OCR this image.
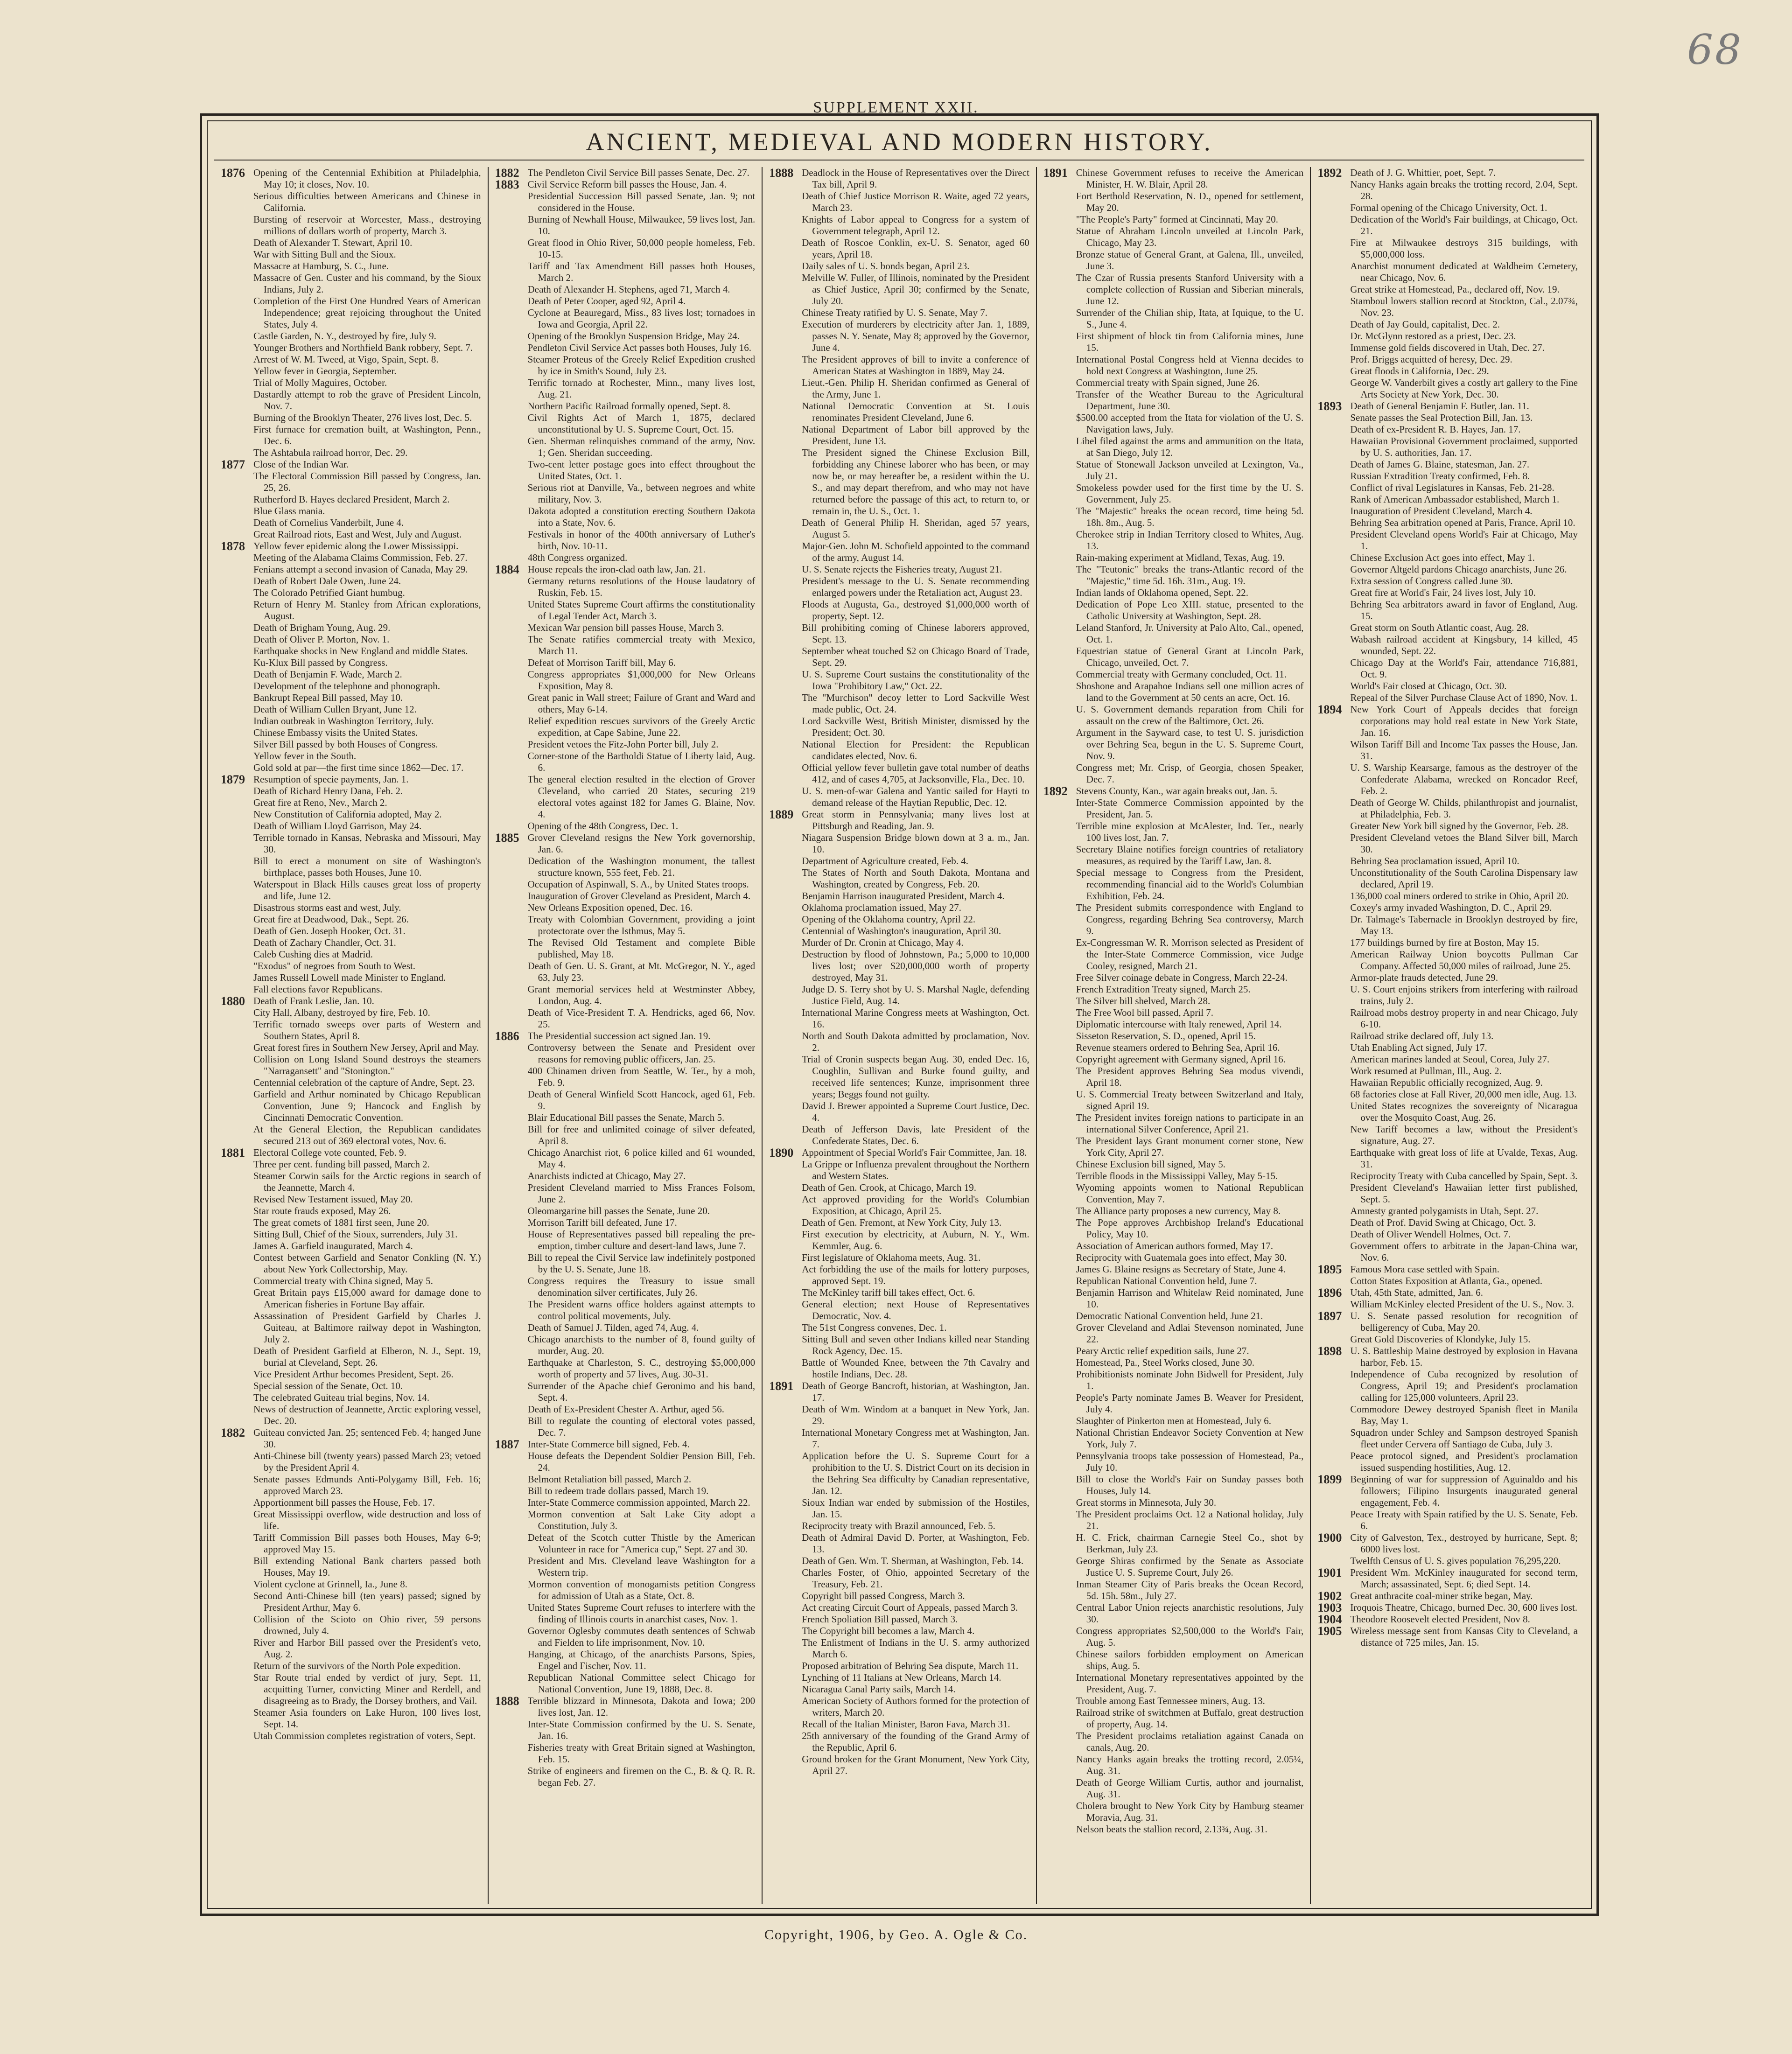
68
SUPPLEMENT XXII.
ANCIENT, MEDIEVAL AND MODERN HISTORY.
1876 Opening of the Centennial Exhibition at Philadelphia, May 10; it closes, Nov. 10.

Serious difficulties between Americans and Chinese in California.

Bursting of reservoir at Worcester, Mass., destroying millions of dollars worth of property, March 3.

Death of Alexander T. Stewart, April 10.

War with Sitting Bull and the Sioux.

Massacre at Hamburg, S. C., June.

Massacre of Gen. Custer and his command, by the Sioux Indians, July 2.

Completion of the First One Hundred Years of American Independence; great rejoicing throughout the United States, July 4.

Castle Garden, N. Y., destroyed by fire, July 9.

Younger Brothers and Northfield Bank robbery, Sept. 7.

Arrest of W. M. Tweed, at Vigo, Spain, Sept. 8.

Yellow fever in Georgia, September.

Trial of Molly Maguires, October.

Dastardly attempt to rob the grave of President Lincoln, Nov. 7.

Burning of the Brooklyn Theater, 276 lives lost, Dec. 5.

First furnace for cremation built, at Washington, Penn., Dec. 6.

The Ashtabula railroad horror, Dec. 29.

1877 Close of the Indian War.

The Electoral Commission Bill passed by Congress, Jan. 25, 26.

Rutherford B. Hayes declared President, March 2.

Blue Glass mania.

Death of Cornelius Vanderbilt, June 4.

Great Railroad riots, East and West, July and August.

1878 Yellow fever epidemic along the Lower Mississippi.

Meeting of the Alabama Claims Commission, Feb. 27.

Fenians attempt a second invasion of Canada, May 29.

Death of Robert Dale Owen, June 24.

The Colorado Petrified Giant humbug.

Return of Henry M. Stanley from African explorations, August.

Death of Brigham Young, Aug. 29.

Death of Oliver P. Morton, Nov. 1.

Earthquake shocks in New England and middle States.

Ku-Klux Bill passed by Congress.

Death of Benjamin F. Wade, March 2.

Development of the telephone and phonograph.

Bankrupt Repeal Bill passed, May 10.

Death of William Cullen Bryant, June 12.

Indian outbreak in Washington Territory, July.

Chinese Embassy visits the United States.

Silver Bill passed by both Houses of Congress.

Yellow fever in the South.

Gold sold at par—the first time since 1862—Dec. 17.

1879 Resumption of specie payments, Jan. 1.

Death of Richard Henry Dana, Feb. 2.

Great fire at Reno, Nev., March 2.

New Constitution of California adopted, May 2.

Death of William Lloyd Garrison, May 24.

Terrible tornado in Kansas, Nebraska and Missouri, May 30.

Bill to erect a monument on site of Washington's birthplace, passes both Houses, June 10.

Waterspout in Black Hills causes great loss of property and life, June 12.

Disastrous storms east and west, July.

Great fire at Deadwood, Dak., Sept. 26.

Death of Gen. Joseph Hooker, Oct. 31.

Death of Zachary Chandler, Oct. 31.

Caleb Cushing dies at Madrid.

"Exodus" of negroes from South to West.

James Russell Lowell made Minister to England.

Fall elections favor Republicans.

1880 Death of Frank Leslie, Jan. 10.

City Hall, Albany, destroyed by fire, Feb. 10.

Terrific tornado sweeps over parts of Western and Southern States, April 8.

Great forest fires in Southern New Jersey, April and May.

Collision on Long Island Sound destroys the steamers "Narragansett" and "Stonington."

Centennial celebration of the capture of Andre, Sept. 23.

Garfield and Arthur nominated by Chicago Republican Convention, June 9; Hancock and English by Cincinnati Democratic Convention.

At the General Election, the Republican candidates secured 213 out of 369 electoral votes, Nov. 6.

1881 Electoral College vote counted, Feb. 9.

Three per cent. funding bill passed, March 2.

Steamer Corwin sails for the Arctic regions in search of the Jeannette, March 4.

Revised New Testament issued, May 20.

Star route frauds exposed, May 26.

The great comets of 1881 first seen, June 20.

Sitting Bull, Chief of the Sioux, surrenders, July 31.

James A. Garfield inaugurated, March 4.

Contest between Garfield and Senator Conkling (N. Y.) about New York Collectorship, May.

Commercial treaty with China signed, May 5.

Great Britain pays £15,000 award for damage done to American fisheries in Fortune Bay affair.

Assassination of President Garfield by Charles J. Guiteau, at Baltimore railway depot in Washington, July 2.

Death of President Garfield at Elberon, N. J., Sept. 19, burial at Cleveland, Sept. 26.

Vice President Arthur becomes President, Sept. 26.

Special session of the Senate, Oct. 10.

The celebrated Guiteau trial begins, Nov. 14.

News of destruction of Jeannette, Arctic exploring vessel, Dec. 20.

1882 Guiteau convicted Jan. 25; sentenced Feb. 4; hanged June 30.

Anti-Chinese bill (twenty years) passed March 23; vetoed by the President April 4.

Senate passes Edmunds Anti-Polygamy Bill, Feb. 16; approved March 23.

Apportionment bill passes the House, Feb. 17.

Great Mississippi overflow, wide destruction and loss of life.

Tariff Commission Bill passes both Houses, May 6-9; approved May 15.

Bill extending National Bank charters passed both Houses, May 19.

Violent cyclone at Grinnell, Ia., June 8.

Second Anti-Chinese bill (ten years) passed; signed by President Arthur, May 6.

Collision of the Scioto on Ohio river, 59 persons drowned, July 4.

River and Harbor Bill passed over the President's veto, Aug. 2.

Return of the survivors of the North Pole expedition.

Star Route trial ended by verdict of jury, Sept. 11, acquitting Turner, convicting Miner and Rerdell, and disagreeing as to Brady, the Dorsey brothers, and Vail.

Steamer Asia founders on Lake Huron, 100 lives lost, Sept. 14.

Utah Commission completes registration of voters, Sept.

1882 The Pendleton Civil Service Bill passes Senate, Dec. 27.

1883 Civil Service Reform bill passes the House, Jan. 4.

Presidential Succession Bill passed Senate, Jan. 9; not considered in the House.

Burning of Newhall House, Milwaukee, 59 lives lost, Jan. 10.

Great flood in Ohio River, 50,000 people homeless, Feb. 10-15.

Tariff and Tax Amendment Bill passes both Houses, March 2.

Death of Alexander H. Stephens, aged 71, March 4.

Death of Peter Cooper, aged 92, April 4.

Cyclone at Beauregard, Miss., 83 lives lost; tornadoes in Iowa and Georgia, April 22.

Opening of the Brooklyn Suspension Bridge, May 24.

Pendleton Civil Service Act passes both Houses, July 16.

Steamer Proteus of the Greely Relief Expedition crushed by ice in Smith's Sound, July 23.

Terrific tornado at Rochester, Minn., many lives lost, Aug. 21.

Northern Pacific Railroad formally opened, Sept. 8.

Civil Rights Act of March 1, 1875, declared unconstitutional by U. S. Supreme Court, Oct. 15.

Gen. Sherman relinquishes command of the army, Nov. 1; Gen. Sheridan succeeding.

Two-cent letter postage goes into effect throughout the United States, Oct. 1.

Serious riot at Danville, Va., between negroes and white military, Nov. 3.

Dakota adopted a constitution erecting Southern Dakota into a State, Nov. 6.

Festivals in honor of the 400th anniversary of Luther's birth, Nov. 10-11.

48th Congress organized.

1884 House repeals the iron-clad oath law, Jan. 21.

Germany returns resolutions of the House laudatory of Ruskin, Feb. 15.

United States Supreme Court affirms the constitutionality of Legal Tender Act, March 3.

Mexican War pension bill passes House, March 3.

The Senate ratifies commercial treaty with Mexico, March 11.

Defeat of Morrison Tariff bill, May 6.

Congress appropriates $1,000,000 for New Orleans Exposition, May 8.

Great panic in Wall street; Failure of Grant and Ward and others, May 6-14.

Relief expedition rescues survivors of the Greely Arctic expedition, at Cape Sabine, June 22.

President vetoes the Fitz-John Porter bill, July 2.

Corner-stone of the Bartholdi Statue of Liberty laid, Aug. 6.

The general election resulted in the election of Grover Cleveland, who carried 20 States, securing 219 electoral votes against 182 for James G. Blaine, Nov. 4.

Opening of the 48th Congress, Dec. 1.

1885 Grover Cleveland resigns the New York governorship, Jan. 6.

Dedication of the Washington monument, the tallest structure known, 555 feet, Feb. 21.

Occupation of Aspinwall, S. A., by United States troops.

Inauguration of Grover Cleveland as President, March 4.

New Orleans Exposition opened, Dec. 16.

Treaty with Colombian Government, providing a joint protectorate over the Isthmus, May 5.

The Revised Old Testament and complete Bible published, May 18.

Death of Gen. U. S. Grant, at Mt. McGregor, N. Y., aged 63, July 23.

Grant memorial services held at Westminster Abbey, London, Aug. 4.

Death of Vice-President T. A. Hendricks, aged 66, Nov. 25.

1886 The Presidential succession act signed Jan. 19.

Controversy between the Senate and President over reasons for removing public officers, Jan. 25.

400 Chinamen driven from Seattle, W. Ter., by a mob, Feb. 9.

Death of General Winfield Scott Hancock, aged 61, Feb. 9.

Blair Educational Bill passes the Senate, March 5.

Bill for free and unlimited coinage of silver defeated, April 8.

Chicago Anarchist riot, 6 police killed and 61 wounded, May 4.

Anarchists indicted at Chicago, May 27.

President Cleveland married to Miss Frances Folsom, June 2.

Oleomargarine bill passes the Senate, June 20.

Morrison Tariff bill defeated, June 17.

House of Representatives passed bill repealing the pre-emption, timber culture and desert-land laws, June 7.

Bill to repeal the Civil Service law indefinitely postponed by the U. S. Senate, June 18.

Congress requires the Treasury to issue small denomination silver certificates, July 26.

The President warns office holders against attempts to control political movements, July.

Death of Samuel J. Tilden, aged 74, Aug. 4.

Chicago anarchists to the number of 8, found guilty of murder, Aug. 20.

Earthquake at Charleston, S. C., destroying $5,000,000 worth of property and 57 lives, Aug. 30-31.

Surrender of the Apache chief Geronimo and his band, Sept. 4.

Death of Ex-President Chester A. Arthur, aged 56.

Bill to regulate the counting of electoral votes passed, Dec. 7.

1887 Inter-State Commerce bill signed, Feb. 4.

House defeats the Dependent Soldier Pension Bill, Feb. 24.

Belmont Retaliation bill passed, March 2.

Bill to redeem trade dollars passed, March 19.

Inter-State Commerce commission appointed, March 22.

Mormon convention at Salt Lake City adopt a Constitution, July 3.

Defeat of the Scotch cutter Thistle by the American Volunteer in race for "America cup," Sept. 27 and 30.

President and Mrs. Cleveland leave Washington for a Western trip.

Mormon convention of monogamists petition Congress for admission of Utah as a State, Oct. 8.

United States Supreme Court refuses to interfere with the finding of Illinois courts in anarchist cases, Nov. 1.

Governor Oglesby commutes death sentences of Schwab and Fielden to life imprisonment, Nov. 10.

Hanging, at Chicago, of the anarchists Parsons, Spies, Engel and Fischer, Nov. 11.

Republican National Committee select Chicago for National Convention, June 19, 1888, Dec. 8.

1888 Terrible blizzard in Minnesota, Dakota and Iowa; 200 lives lost, Jan. 12.

Inter-State Commission confirmed by the U. S. Senate, Jan. 16.

Fisheries treaty with Great Britain signed at Washington, Feb. 15.

Strike of engineers and firemen on the C., B. & Q. R. R. began Feb. 27.

1888 Deadlock in the House of Representatives over the Direct Tax bill, April 9.

Death of Chief Justice Morrison R. Waite, aged 72 years, March 23.

Knights of Labor appeal to Congress for a system of Government telegraph, April 12.

Death of Roscoe Conklin, ex-U. S. Senator, aged 60 years, April 18.

Daily sales of U. S. bonds began, April 23.

Melville W. Fuller, of Illinois, nominated by the President as Chief Justice, April 30; confirmed by the Senate, July 20.

Chinese Treaty ratified by U. S. Senate, May 7.

Execution of murderers by electricity after Jan. 1, 1889, passes N. Y. Senate, May 8; approved by the Governor, June 4.

The President approves of bill to invite a conference of American States at Washington in 1889, May 24.

Lieut.-Gen. Philip H. Sheridan confirmed as General of the Army, June 1.

National Democratic Convention at St. Louis renominates President Cleveland, June 6.

National Department of Labor bill approved by the President, June 13.

The President signed the Chinese Exclusion Bill, forbidding any Chinese laborer who has been, or may now be, or may hereafter be, a resident within the U. S., and may depart therefrom, and who may not have returned before the passage of this act, to return to, or remain in, the U. S., Oct. 1.

Death of General Philip H. Sheridan, aged 57 years, August 5.

Major-Gen. John M. Schofield appointed to the command of the army, August 14.

U. S. Senate rejects the Fisheries treaty, August 21.

President's message to the U. S. Senate recommending enlarged powers under the Retaliation act, August 23.

Floods at Augusta, Ga., destroyed $1,000,000 worth of property, Sept. 12.

Bill prohibiting coming of Chinese laborers approved, Sept. 13.

September wheat touched $2 on Chicago Board of Trade, Sept. 29.

U. S. Supreme Court sustains the constitutionality of the Iowa "Prohibitory Law," Oct. 22.

The "Murchison" decoy letter to Lord Sackville West made public, Oct. 24.

Lord Sackville West, British Minister, dismissed by the President; Oct. 30.

National Election for President: the Republican candidates elected, Nov. 6.

Official yellow fever bulletin gave total number of deaths 412, and of cases 4,705, at Jacksonville, Fla., Dec. 10.

U. S. men-of-war Galena and Yantic sailed for Hayti to demand release of the Haytian Republic, Dec. 12.

1889 Great storm in Pennsylvania; many lives lost at Pittsburgh and Reading, Jan. 9.

Niagara Suspension Bridge blown down at 3 a. m., Jan. 10.

Department of Agriculture created, Feb. 4.

The States of North and South Dakota, Montana and Washington, created by Congress, Feb. 20.

Benjamin Harrison inaugurated President, March 4.

Oklahoma proclamation issued, May 27.

Opening of the Oklahoma country, April 22.

Centennial of Washington's inauguration, April 30.

Murder of Dr. Cronin at Chicago, May 4.

Destruction by flood of Johnstown, Pa.; 5,000 to 10,000 lives lost; over $20,000,000 worth of property destroyed, May 31.

Judge D. S. Terry shot by U. S. Marshal Nagle, defending Justice Field, Aug. 14.

International Marine Congress meets at Washington, Oct. 16.

North and South Dakota admitted by proclamation, Nov. 2.

Trial of Cronin suspects began Aug. 30, ended Dec. 16, Coughlin, Sullivan and Burke found guilty, and received life sentences; Kunze, imprisonment three years; Beggs found not guilty.

David J. Brewer appointed a Supreme Court Justice, Dec. 4.

Death of Jefferson Davis, late President of the Confederate States, Dec. 6.

1890 Appointment of Special World's Fair Committee, Jan. 18.

La Grippe or Influenza prevalent throughout the Northern and Western States.

Death of Gen. Crook, at Chicago, March 19.

Act approved providing for the World's Columbian Exposition, at Chicago, April 25.

Death of Gen. Fremont, at New York City, July 13.

First execution by electricity, at Auburn, N. Y., Wm. Kemmler, Aug. 6.

First legislature of Oklahoma meets, Aug. 31.

Act forbidding the use of the mails for lottery purposes, approved Sept. 19.

The McKinley tariff bill takes effect, Oct. 6.

General election; next House of Representatives Democratic, Nov. 4.

The 51st Congress convenes, Dec. 1.

Sitting Bull and seven other Indians killed near Standing Rock Agency, Dec. 15.

Battle of Wounded Knee, between the 7th Cavalry and hostile Indians, Dec. 28.

1891 Death of George Bancroft, historian, at Washington, Jan. 17.

Death of Wm. Windom at a banquet in New York, Jan. 29.

International Monetary Congress met at Washington, Jan. 7.

Application before the U. S. Supreme Court for a prohibition to the U. S. District Court on its decision in the Behring Sea difficulty by Canadian representative, Jan. 12.

Sioux Indian war ended by submission of the Hostiles, Jan. 15.

Reciprocity treaty with Brazil announced, Feb. 5.

Death of Admiral David D. Porter, at Washington, Feb. 13.

Death of Gen. Wm. T. Sherman, at Washington, Feb. 14.

Charles Foster, of Ohio, appointed Secretary of the Treasury, Feb. 21.

Copyright bill passed Congress, March 3.

Act creating Circuit Court of Appeals, passed March 3.

French Spoliation Bill passed, March 3.

The Copyright bill becomes a law, March 4.

The Enlistment of Indians in the U. S. army authorized March 6.

Proposed arbitration of Behring Sea dispute, March 11.

Lynching of 11 Italians at New Orleans, March 14.

Nicaragua Canal Party sails, March 14.

American Society of Authors formed for the protection of writers, March 20.

Recall of the Italian Minister, Baron Fava, March 31.

25th anniversary of the founding of the Grand Army of the Republic, April 6.

Ground broken for the Grant Monument, New York City, April 27.

1891 Chinese Government refuses to receive the American Minister, H. W. Blair, April 28.

Fort Berthold Reservation, N. D., opened for settlement, May 20.

"The People's Party" formed at Cincinnati, May 20.

Statue of Abraham Lincoln unveiled at Lincoln Park, Chicago, May 23.

Bronze statue of General Grant, at Galena, Ill., unveiled, June 3.

The Czar of Russia presents Stanford University with a complete collection of Russian and Siberian minerals, June 12.

Surrender of the Chilian ship, Itata, at Iquique, to the U. S., June 4.

First shipment of block tin from California mines, June 15.

International Postal Congress held at Vienna decides to hold next Congress at Washington, June 25.

Commercial treaty with Spain signed, June 26.

Transfer of the Weather Bureau to the Agricultural Department, June 30.

$500.00 accepted from the Itata for violation of the U. S. Navigation laws, July.

Libel filed against the arms and ammunition on the Itata, at San Diego, July 12.

Statue of Stonewall Jackson unveiled at Lexington, Va., July 21.

Smokeless powder used for the first time by the U. S. Government, July 25.

The "Majestic" breaks the ocean record, time being 5d. 18h. 8m., Aug. 5.

Cherokee strip in Indian Territory closed to Whites, Aug. 13.

Rain-making experiment at Midland, Texas, Aug. 19.

The "Teutonic" breaks the trans-Atlantic record of the "Majestic," time 5d. 16h. 31m., Aug. 19.

Indian lands of Oklahoma opened, Sept. 22.

Dedication of Pope Leo XIII. statue, presented to the Catholic University at Washington, Sept. 28.

Leland Stanford, Jr. University at Palo Alto, Cal., opened, Oct. 1.

Equestrian statue of General Grant at Lincoln Park, Chicago, unveiled, Oct. 7.

Commercial treaty with Germany concluded, Oct. 11.

Shoshone and Arapahoe Indians sell one million acres of land to the Government at 50 cents an acre, Oct. 16.

U. S. Government demands reparation from Chili for assault on the crew of the Baltimore, Oct. 26.

Argument in the Sayward case, to test U. S. jurisdiction over Behring Sea, begun in the U. S. Supreme Court, Nov. 9.

Congress met; Mr. Crisp, of Georgia, chosen Speaker, Dec. 7.

1892 Stevens County, Kan., war again breaks out, Jan. 5.

Inter-State Commerce Commission appointed by the President, Jan. 5.

Terrible mine explosion at McAlester, Ind. Ter., nearly 100 lives lost, Jan. 7.

Secretary Blaine notifies foreign countries of retaliatory measures, as required by the Tariff Law, Jan. 8.

Special message to Congress from the President, recommending financial aid to the World's Columbian Exhibition, Feb. 24.

The President submits correspondence with England to Congress, regarding Behring Sea controversy, March 9.

Ex-Congressman W. R. Morrison selected as President of the Inter-State Commerce Commission, vice Judge Cooley, resigned, March 21.

Free Silver coinage debate in Congress, March 22-24.

French Extradition Treaty signed, March 25.

The Silver bill shelved, March 28.

The Free Wool bill passed, April 7.

Diplomatic intercourse with Italy renewed, April 14.

Sisseton Reservation, S. D., opened, April 15.

Revenue steamers ordered to Behring Sea, April 16.

Copyright agreement with Germany signed, April 16.

The President approves Behring Sea modus vivendi, April 18.

U. S. Commercial Treaty between Switzerland and Italy, signed April 19.

The President invites foreign nations to participate in an international Silver Conference, April 21.

The President lays Grant monument corner stone, New York City, April 27.

Chinese Exclusion bill signed, May 5.

Terrible floods in the Mississippi Valley, May 5-15.

Wyoming appoints women to National Republican Convention, May 7.

The Alliance party proposes a new currency, May 8.

The Pope approves Archbishop Ireland's Educational Policy, May 10.

Association of American authors formed, May 17.

Reciprocity with Guatemala goes into effect, May 30.

James G. Blaine resigns as Secretary of State, June 4.

Republican National Convention held, June 7.

Benjamin Harrison and Whitelaw Reid nominated, June 10.

Democratic National Convention held, June 21.

Grover Cleveland and Adlai Stevenson nominated, June 22.

Peary Arctic relief expedition sails, June 27.

Homestead, Pa., Steel Works closed, June 30.

Prohibitionists nominate John Bidwell for President, July 1.

People's Party nominate James B. Weaver for President, July 4.

Slaughter of Pinkerton men at Homestead, July 6.

National Christian Endeavor Society Convention at New York, July 7.

Pennsylvania troops take possession of Homestead, Pa., July 10.

Bill to close the World's Fair on Sunday passes both Houses, July 14.

Great storms in Minnesota, July 30.

The President proclaims Oct. 12 a National holiday, July 21.

H. C. Frick, chairman Carnegie Steel Co., shot by Berkman, July 23.

George Shiras confirmed by the Senate as Associate Justice U. S. Supreme Court, July 26.

Inman Steamer City of Paris breaks the Ocean Record, 5d. 15h. 58m., July 27.

Central Labor Union rejects anarchistic resolutions, July 30.

Congress appropriates $2,500,000 to the World's Fair, Aug. 5.

Chinese sailors forbidden employment on American ships, Aug. 5.

International Monetary representatives appointed by the President, Aug. 7.

Trouble among East Tennessee miners, Aug. 13.

Railroad strike of switchmen at Buffalo, great destruction of property, Aug. 14.

The President proclaims retaliation against Canada on canals, Aug. 20.

Nancy Hanks again breaks the trotting record, 2.05¼, Aug. 31.

Death of George William Curtis, author and journalist, Aug. 31.

Cholera brought to New York City by Hamburg steamer Moravia, Aug. 31.

Nelson beats the stallion record, 2.13¾, Aug. 31.

1892 Death of J. G. Whittier, poet, Sept. 7.

Nancy Hanks again breaks the trotting record, 2.04, Sept. 28.

Formal opening of the Chicago University, Oct. 1.

Dedication of the World's Fair buildings, at Chicago, Oct. 21.

Fire at Milwaukee destroys 315 buildings, with $5,000,000 loss.

Anarchist monument dedicated at Waldheim Cemetery, near Chicago, Nov. 6.

Great strike at Homestead, Pa., declared off, Nov. 19.

Stamboul lowers stallion record at Stockton, Cal., 2.07¾, Nov. 23.

Death of Jay Gould, capitalist, Dec. 2.

Dr. McGlynn restored as a priest, Dec. 23.

Immense gold fields discovered in Utah, Dec. 27.

Prof. Briggs acquitted of heresy, Dec. 29.

Great floods in California, Dec. 29.

George W. Vanderbilt gives a costly art gallery to the Fine Arts Society at New York, Dec. 30.

1893 Death of General Benjamin F. Butler, Jan. 11.

Senate passes the Seal Protection Bill, Jan. 13.

Death of ex-President R. B. Hayes, Jan. 17.

Hawaiian Provisional Government proclaimed, supported by U. S. authorities, Jan. 17.

Death of James G. Blaine, statesman, Jan. 27.

Russian Extradition Treaty confirmed, Feb. 8.

Conflict of rival Legislatures in Kansas, Feb. 21-28.

Rank of American Ambassador established, March 1.

Inauguration of President Cleveland, March 4.

Behring Sea arbitration opened at Paris, France, April 10.

President Cleveland opens World's Fair at Chicago, May 1.

Chinese Exclusion Act goes into effect, May 1.

Governor Altgeld pardons Chicago anarchists, June 26.

Extra session of Congress called June 30.

Great fire at World's Fair, 24 lives lost, July 10.

Behring Sea arbitrators award in favor of England, Aug. 15.

Great storm on South Atlantic coast, Aug. 28.

Wabash railroad accident at Kingsbury, 14 killed, 45 wounded, Sept. 22.

Chicago Day at the World's Fair, attendance 716,881, Oct. 9.

World's Fair closed at Chicago, Oct. 30.

Repeal of the Silver Purchase Clause Act of 1890, Nov. 1.

1894 New York Court of Appeals decides that foreign corporations may hold real estate in New York State, Jan. 16.

Wilson Tariff Bill and Income Tax passes the House, Jan. 31.

U. S. Warship Kearsarge, famous as the destroyer of the Confederate Alabama, wrecked on Roncador Reef, Feb. 2.

Death of George W. Childs, philanthropist and journalist, at Philadelphia, Feb. 3.

Greater New York bill signed by the Governor, Feb. 28.

President Cleveland vetoes the Bland Silver bill, March 30.

Behring Sea proclamation issued, April 10.

Unconstitutionality of the South Carolina Dispensary law declared, April 19.

136,000 coal miners ordered to strike in Ohio, April 20.

Coxey's army invaded Washington, D. C., April 29.

Dr. Talmage's Tabernacle in Brooklyn destroyed by fire, May 13.

177 buildings burned by fire at Boston, May 15.

American Railway Union boycotts Pullman Car Company. Affected 50,000 miles of railroad, June 25.

Armor-plate frauds detected, June 29.

U. S. Court enjoins strikers from interfering with railroad trains, July 2.

Railroad mobs destroy property in and near Chicago, July 6-10.

Railroad strike declared off, July 13.

Utah Enabling Act signed, July 17.

American marines landed at Seoul, Corea, July 27.

Work resumed at Pullman, Ill., Aug. 2.

Hawaiian Republic officially recognized, Aug. 9.

68 factories close at Fall River, 20,000 men idle, Aug. 13.

United States recognizes the sovereignty of Nicaragua over the Mosquito Coast, Aug. 26.

New Tariff becomes a law, without the President's signature, Aug. 27.

Earthquake with great loss of life at Uvalde, Texas, Aug. 31.

Reciprocity Treaty with Cuba cancelled by Spain, Sept. 3.

President Cleveland's Hawaiian letter first published, Sept. 5.

Amnesty granted polygamists in Utah, Sept. 27.

Death of Prof. David Swing at Chicago, Oct. 3.

Death of Oliver Wendell Holmes, Oct. 7.

Government offers to arbitrate in the Japan-China war, Nov. 6.

1895 Famous Mora case settled with Spain.

Cotton States Exposition at Atlanta, Ga., opened.

1896 Utah, 45th State, admitted, Jan. 6.

William McKinley elected President of the U. S., Nov. 3.

1897 U. S. Senate passed resolution for recognition of belligerency of Cuba, May 20.

Great Gold Discoveries of Klondyke, July 15.

1898 U. S. Battleship Maine destroyed by explosion in Havana harbor, Feb. 15.

Independence of Cuba recognized by resolution of Congress, April 19; and President's proclamation calling for 125,000 volunteers, April 23.

Commodore Dewey destroyed Spanish fleet in Manila Bay, May 1.

Squadron under Schley and Sampson destroyed Spanish fleet under Cervera off Santiago de Cuba, July 3.

Peace protocol signed, and President's proclamation issued suspending hostilities, Aug. 12.

1899 Beginning of war for suppression of Aguinaldo and his followers; Filipino Insurgents inaugurated general engagement, Feb. 4.

Peace Treaty with Spain ratified by the U. S. Senate, Feb. 6.

1900 City of Galveston, Tex., destroyed by hurricane, Sept. 8; 6000 lives lost.

Twelfth Census of U. S. gives population 76,295,220.

1901 President Wm. McKinley inaugurated for second term, March; assassinated, Sept. 6; died Sept. 14.

1902 Great anthracite coal-miner strike began, May.

1903 Iroquois Theatre, Chicago, burned Dec. 30, 600 lives lost.

1904 Theodore Roosevelt elected President, Nov 8.

1905 Wireless message sent from Kansas City to Cleveland, a distance of 725 miles, Jan. 15.

Copyright, 1906, by Geo. A. Ogle & Co.
